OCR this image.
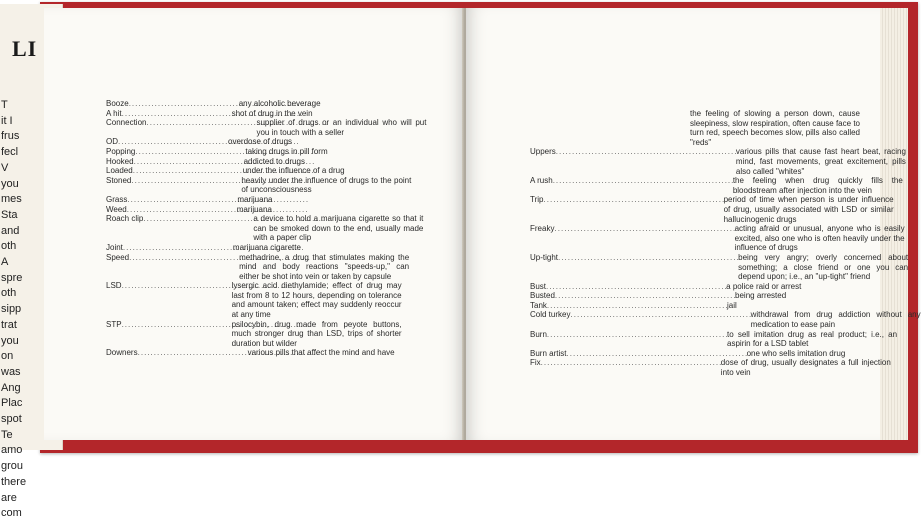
LI
T
it I
frus
fecl
V
you
mes
Sta
and
oth
A
spre
oth
sipp
trat
you
on
was
Ang
Plac
spot
Te
amo
grou
there
are
com
Booze . . .	any alcoholic beverage
A hit . . .	shot of drug in the vein
Connection . . .	supplier of drugs or an individual who will put you in touch with a seller
OD . . .	overdose of drugs
Popping . . .	taking drugs in pill form
Hooked . . .	addicted to drugs
Loaded . . .	under the influence of a drug
Stoned . . .	heavily under the influence of drugs to the point of unconsciousness
Grass . . .	marijuana
Weed . . .	marijuana
Roach clip . . .	a device to hold a marijuana cigarette so that it can be smoked down to the end, usually made with a paper clip
Joint . . .	marijuana cigarette
Speed . . .	methadrine, a drug that stimulates making the mind and body reactions "speeds-up," can either be shot into vein or taken by capsule
LSD . . .	lysergic acid diethylamide; effect of drug may last from 8 to 12 hours, depending on tolerance and amount taken; effect may suddenly reoccur at any time
STP . . .	psilocybin, drug made from peyote buttons, much stronger drug than LSD, trips of shorter duration but wilder
Downers . . .	various pills that affect the mind and have
the feeling of slowing a person down, cause sleepiness, slow respiration, often cause face to turn red, speech becomes slow, pills also called "reds"
Uppers . . .	various pills that cause fast heart beat, racing mind, fast movements, great excitement, pills also called "whites"
A rush . . .	the feeling when drug quickly fills the bloodstream after injection into the vein
Trip . . .	period of time when person is under influence of drug, usually associated with LSD or similar hallucinogenic drugs
Freaky . . .	acting afraid or unusual, anyone who is easily excited, also one who is often heavily under the influence of drugs
Up-tight . . .	being very angry; overly concerned about something; a close friend or one you can depend upon; i.e., an "up-tight" friend
Bust . . .	a police raid or arrest
Busted . . .	being arrested
Tank . . .	jail
Cold turkey . . .	withdrawal from drug addiction without any medication to ease pain
Burn . . .	to sell imitation drug as real product; i.e., an aspirin for a LSD tablet
Burn artist . . .	one who sells imitation drug
Fix . . .	dose of drug, usually designates a full injection into vein
